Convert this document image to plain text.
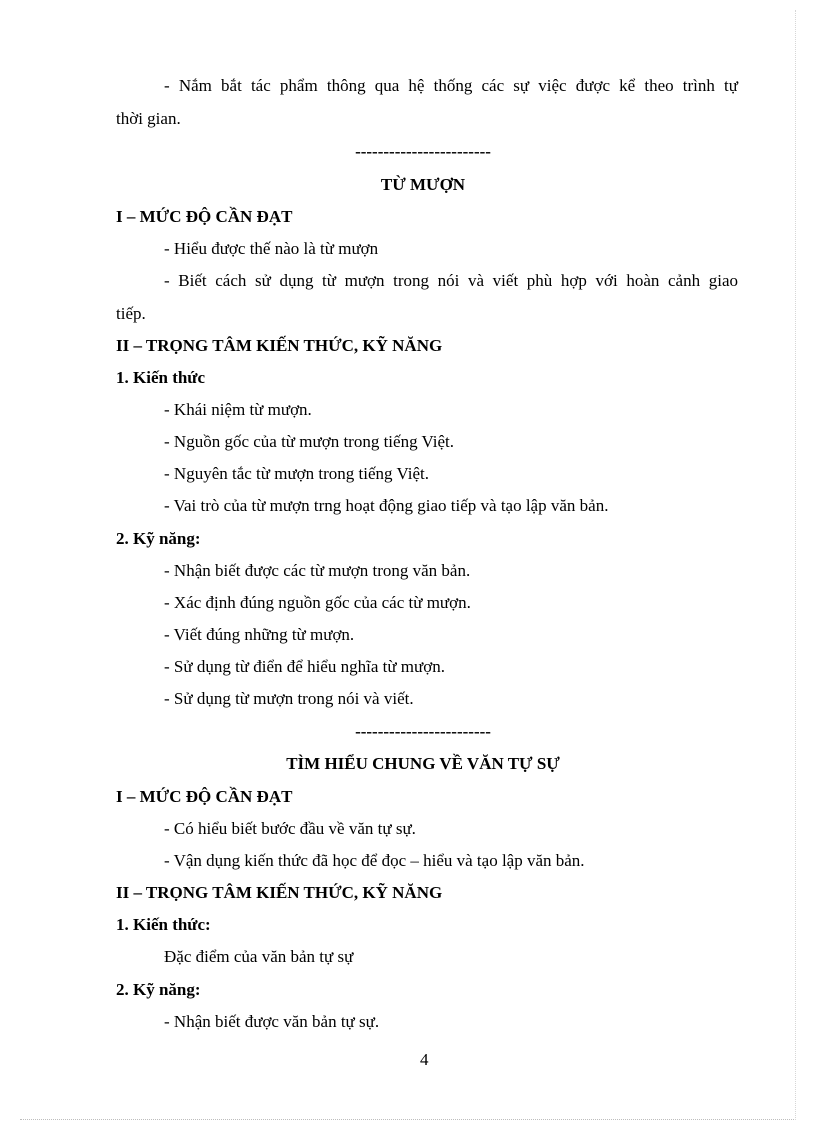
- Nắm bắt tác phẩm thông qua hệ thống các sự việc được kể theo trình tự
thời gian.
------------------------
TỪ MƯỢN
I – MỨC ĐỘ CẦN ĐẠT
- Hiểu được thế nào là từ mượn
- Biết cách sử dụng từ mượn trong nói và viết phù hợp với hoàn cảnh giao
tiếp.
II – TRỌNG TÂM KIẾN THỨC, KỸ NĂNG
1. Kiến thức
- Khái niệm từ mượn.
- Nguồn gốc của từ mượn trong tiếng Việt.
- Nguyên tắc từ mượn trong tiếng Việt.
- Vai trò của từ mượn trng hoạt động giao tiếp và tạo lập văn bản.
2. Kỹ năng:
- Nhận biết được các từ mượn trong văn bản.
- Xác định đúng nguồn gốc của các từ mượn.
- Viết đúng những từ mượn.
- Sử dụng từ điển để hiểu nghĩa từ mượn.
- Sử dụng từ mượn trong nói và viết.
------------------------
TÌM HIỂU CHUNG VỀ VĂN TỰ SỰ
I – MỨC ĐỘ CẦN ĐẠT
- Có hiểu biết bước đầu về văn tự sự.
- Vận dụng kiến thức đã học để đọc – hiểu và tạo lập văn bản.
II – TRỌNG TÂM KIẾN THỨC, KỸ NĂNG
1. Kiến thức:
Đặc điểm của văn bản tự sự
2. Kỹ năng:
- Nhận biết được văn bản tự sự.
4
